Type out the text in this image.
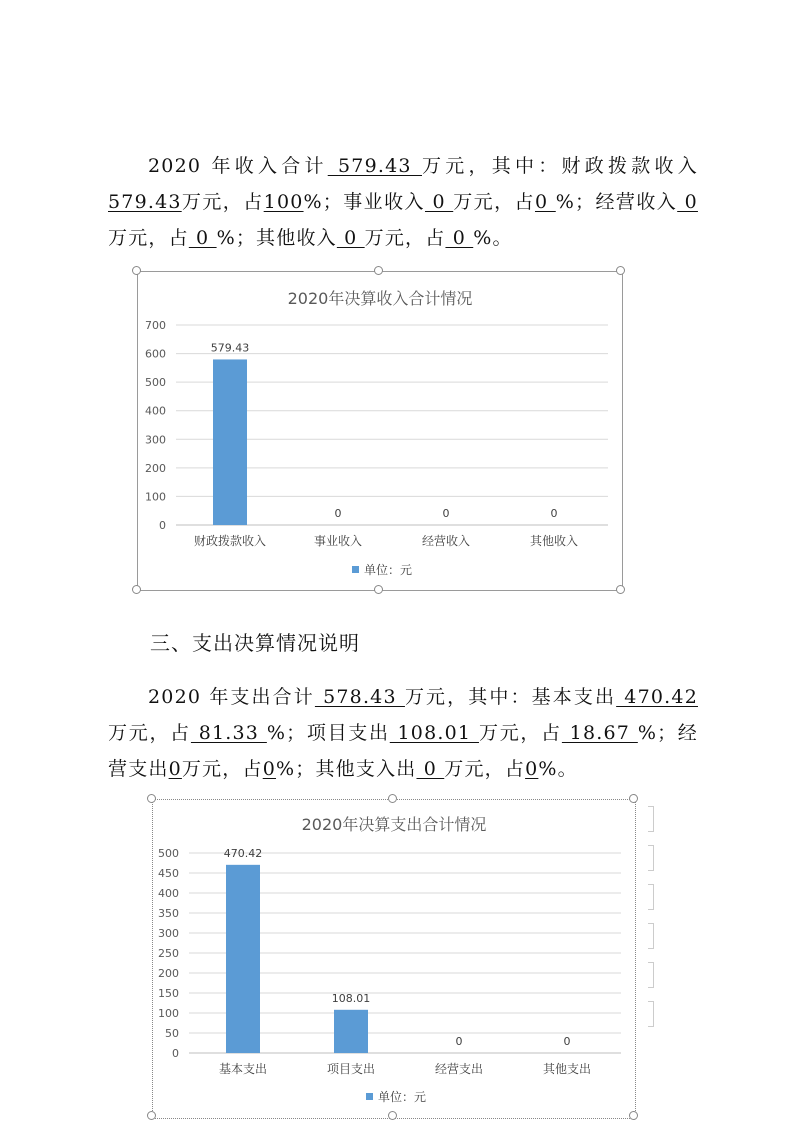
2020 年收入合计 579.43 万元，其中：财政拨款收入 579.43万元，占100%；事业收入 0 万元，占0 %；经营收入 0 万元，占 0 %；其他收入 0 万元，占 0 %。

2020年决算收入合计情况
0
100
200
300
400
500
600
700
579.43
财政拨款收入
0
事业收入
0
经营收入
0
其他收入
单位：元
三、支出决算情况说明

2020 年支出合计 578.43 万元，其中：基本支出 470.42 万元，占 81.33 %；项目支出 108.01 万元，占 18.67 %；经营支出0万元，占0%；其他支入出 0 万元，占0%。

2020年决算支出合计情况
0
50
100
150
200
250
300
350
400
450
500	470.42
基本支出
108.01
项目支出
0
经营支出
0
其他支出
单位：元
